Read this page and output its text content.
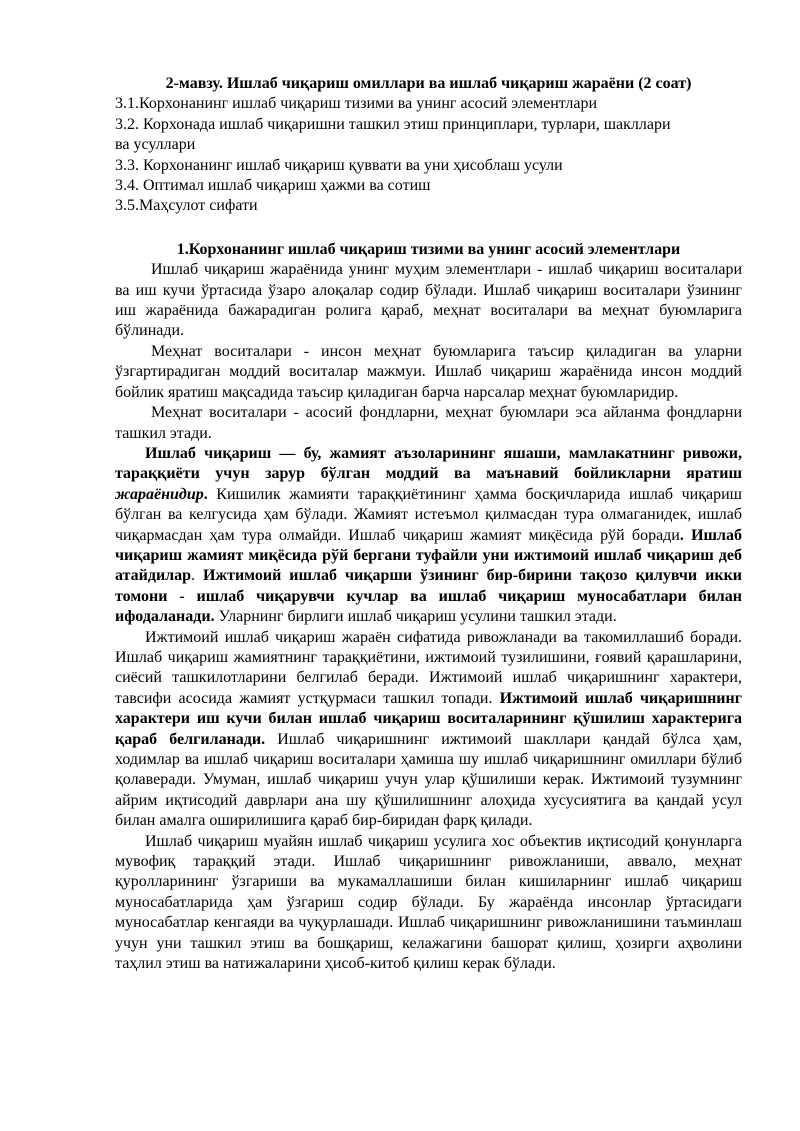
2-мавзу. Ишлаб чиқариш омиллари ва ишлаб чиқариш жараёни (2 соат)
3.1.Корхонанинг ишлаб чиқариш тизими ва унинг асосий элементлари
3.2. Корхонада ишлаб чиқаришни ташкил этиш принциплари, турлари, шакллари ва усуллари
3.3. Корхонанинг ишлаб чиқариш қуввати ва уни ҳисоблаш усули
3.4. Оптимал ишлаб чиқариш ҳажми ва сотиш
3.5.Маҳсулот сифати
1.Корхонанинг ишлаб чиқариш тизими ва унинг асосий элементлари

Ишлаб чиқариш жараёнида унинг муҳим элементлари - ишлаб чиқариш воситалари ва иш кучи ўртасида ўзаро алоқалар содир бўлади. Ишлаб чиқариш воситалари ўзининг иш жараёнида бажарадиган ролига қараб, меҳнат воситалари ва меҳнат буюмларига бўлинади.

Меҳнат воситалари - инсон меҳнат буюмларига таъсир қиладиган ва уларни ўзгартирадиган моддий воситалар мажмуи. Ишлаб чиқариш жараёнида инсон моддий бойлик яратиш мақсадида таъсир қиладиган барча нарсалар меҳнат буюмларидир.

Меҳнат воситалари - асосий фондларни, меҳнат буюмлари эса айланма фондларни ташкил этади.

Ишлаб чиқариш — бу, жамият аъзоларининг яшаши, мамлакатнинг ривожи, тараққиёти учун зарур бўлган моддий ва маънавий бойликларни яратиш жараёнидир. Кишилик жамияти тараққиётининг ҳамма босқичларида ишлаб чиқариш бўлган ва келгусида ҳам бўлади. Жамият истеъмол қилмасдан тура олмаганидек, ишлаб чиқармасдан ҳам тура олмайди. Ишлаб чиқариш жамият миқёсида рўй боради. Ишлаб чиқариш жамият миқёсида рўй бергани туфайли уни ижтимоий ишлаб чиқариш деб атайдилар. Ижтимоий ишлаб чиқарши ўзининг бир-бирини тақозо қилувчи икки томони - ишлаб чиқарувчи кучлар ва ишлаб чиқариш муносабатлари билан ифодаланади. Уларнинг бирлиги ишлаб чиқариш усулини ташкил этади.

Ижтимоий ишлаб чиқариш жараён сифатида ривожланади ва такомиллашиб боради. Ишлаб чиқариш жамиятнинг тараққиётини, ижтимоий тузилишини, ғоявий қарашларини, сиёсий ташкилотларини белгилаб беради. Ижтимоий ишлаб чиқаришнинг характери, тавсифи асосида жамият устқурмаси ташкил топади. Ижтимоий ишлаб чиқаришнинг характери иш кучи билан ишлаб чиқариш воситаларининг қўшилиш характерига қараб белгиланади. Ишлаб чиқаришнинг ижтимоий шакллари қандай бўлса ҳам, ходимлар ва ишлаб чиқариш воситалари ҳамиша шу ишлаб чиқаришнинг омиллари бўлиб қолаверади. Умуман, ишлаб чиқариш учун улар қўшилиши керак. Ижтимоий тузумнинг айрим иқтисодий даврлари ана шу қўшилишнинг алоҳида хусусиятига ва қандай усул билан амалга оширилишига қараб бир-биридан фарқ қилади.

Ишлаб чиқариш муайян ишлаб чиқариш усулига хос объектив иқтисодий қонунларга мувофиқ тараққий этади. Ишлаб чиқаришнинг ривожланиши, аввало, меҳнат қуролларининг ўзгариши ва мукамаллашиши билан кишиларнинг ишлаб чиқариш муносабатларида ҳам ўзгариш содир бўлади. Бу жараёнда инсонлар ўртасидаги муносабатлар кенгаяди ва чуқурлашади. Ишлаб чиқаришнинг ривожланишини таъминлаш учун уни ташкил этиш ва бошқариш, келажагини башорат қилиш, ҳозирги аҳволини таҳлил этиш ва натижаларини ҳисоб-китоб қилиш керак бўлади.
